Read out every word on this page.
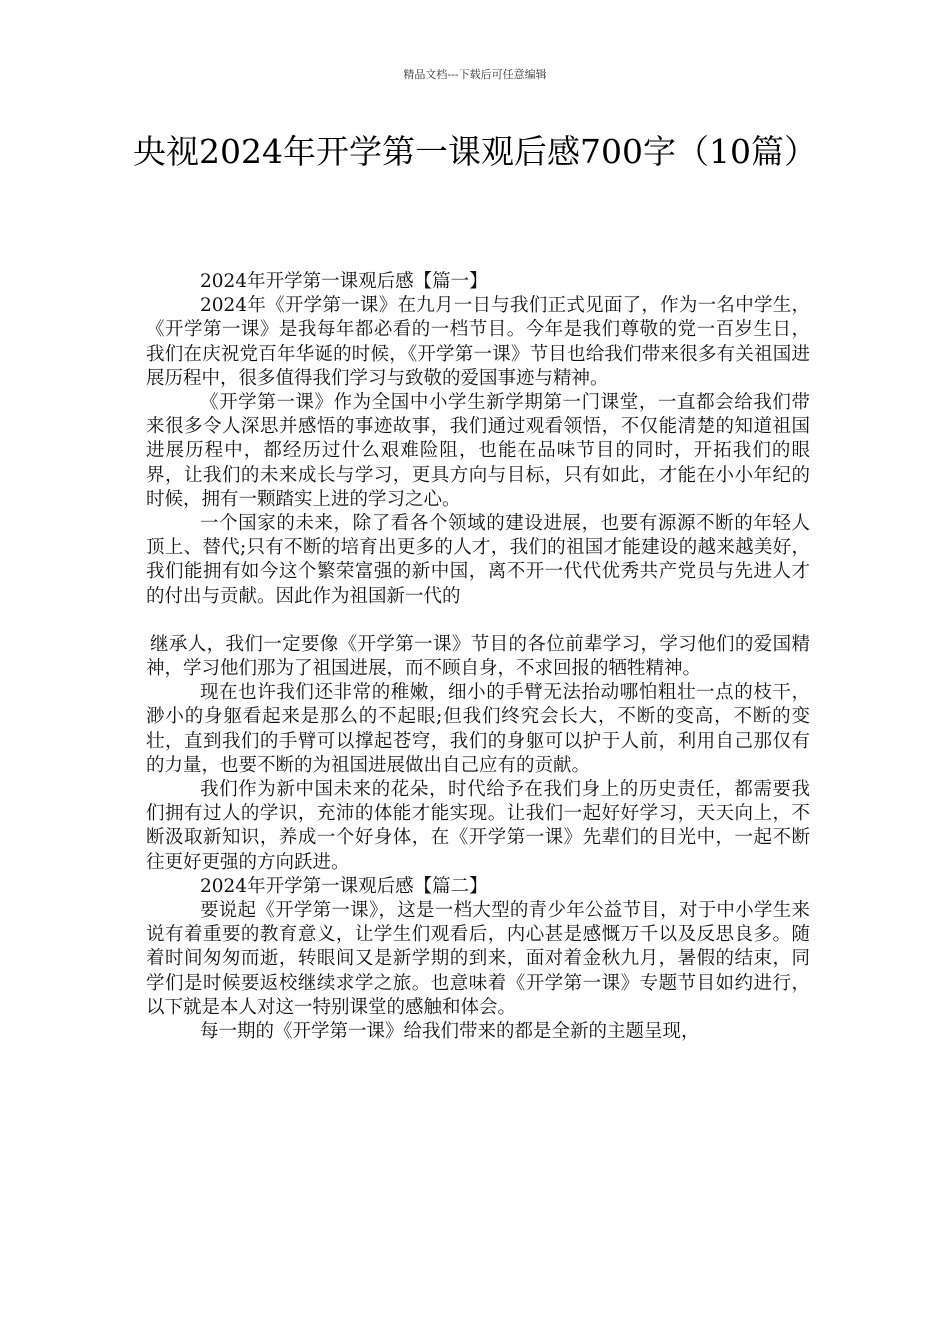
精品文档---下载后可任意编辑
央视2024年开学第一课观后感700字（10篇）

2024年开学第一课观后感【篇一】

2024年《开学第一课》在九月一日与我们正式见面了，作为一名中学生，《开学第一课》是我每年都必看的一档节目。今年是我们尊敬的党一百岁生日，我们在庆祝党百年华诞的时候，《开学第一课》节目也给我们带来很多有关祖国进展历程中，很多值得我们学习与致敬的爱国事迹与精神。

《开学第一课》作为全国中小学生新学期第一门课堂，一直都会给我们带来很多令人深思并感悟的事迹故事，我们通过观看领悟，不仅能清楚的知道祖国进展历程中，都经历过什么艰难险阻，也能在品味节目的同时，开拓我们的眼界，让我们的未来成长与学习，更具方向与目标，只有如此，才能在小小年纪的时候，拥有一颗踏实上进的学习之心。

一个国家的未来，除了看各个领域的建设进展，也要有源源不断的年轻人顶上、替代;只有不断的培育出更多的人才，我们的祖国才能建设的越来越美好，我们能拥有如今这个繁荣富强的新中国，离不开一代代优秀共产党员与先进人才的付出与贡献。因此作为祖国新一代的

继承人，我们一定要像《开学第一课》节目的各位前辈学习，学习他们的爱国精神，学习他们那为了祖国进展，而不顾自身，不求回报的牺牲精神。

现在也许我们还非常的稚嫩，细小的手臂无法抬动哪怕粗壮一点的枝干，渺小的身躯看起来是那么的不起眼;但我们终究会长大，不断的变高，不断的变壮，直到我们的手臂可以撑起苍穹，我们的身躯可以护于人前，利用自己那仅有的力量，也要不断的为祖国进展做出自己应有的贡献。

我们作为新中国未来的花朵，时代给予在我们身上的历史责任，都需要我们拥有过人的学识，充沛的体能才能实现。让我们一起好好学习，天天向上，不断汲取新知识，养成一个好身体，在《开学第一课》先辈们的目光中，一起不断往更好更强的方向跃进。

2024年开学第一课观后感【篇二】

要说起《开学第一课》，这是一档大型的青少年公益节目，对于中小学生来说有着重要的教育意义，让学生们观看后，内心甚是感慨万千以及反思良多。随着时间匆匆而逝，转眼间又是新学期的到来，面对着金秋九月，暑假的结束，同学们是时候要返校继续求学之旅。也意味着《开学第一课》专题节目如约进行，以下就是本人对这一特别课堂的感触和体会。

每一期的《开学第一课》给我们带来的都是全新的主题呈现，
